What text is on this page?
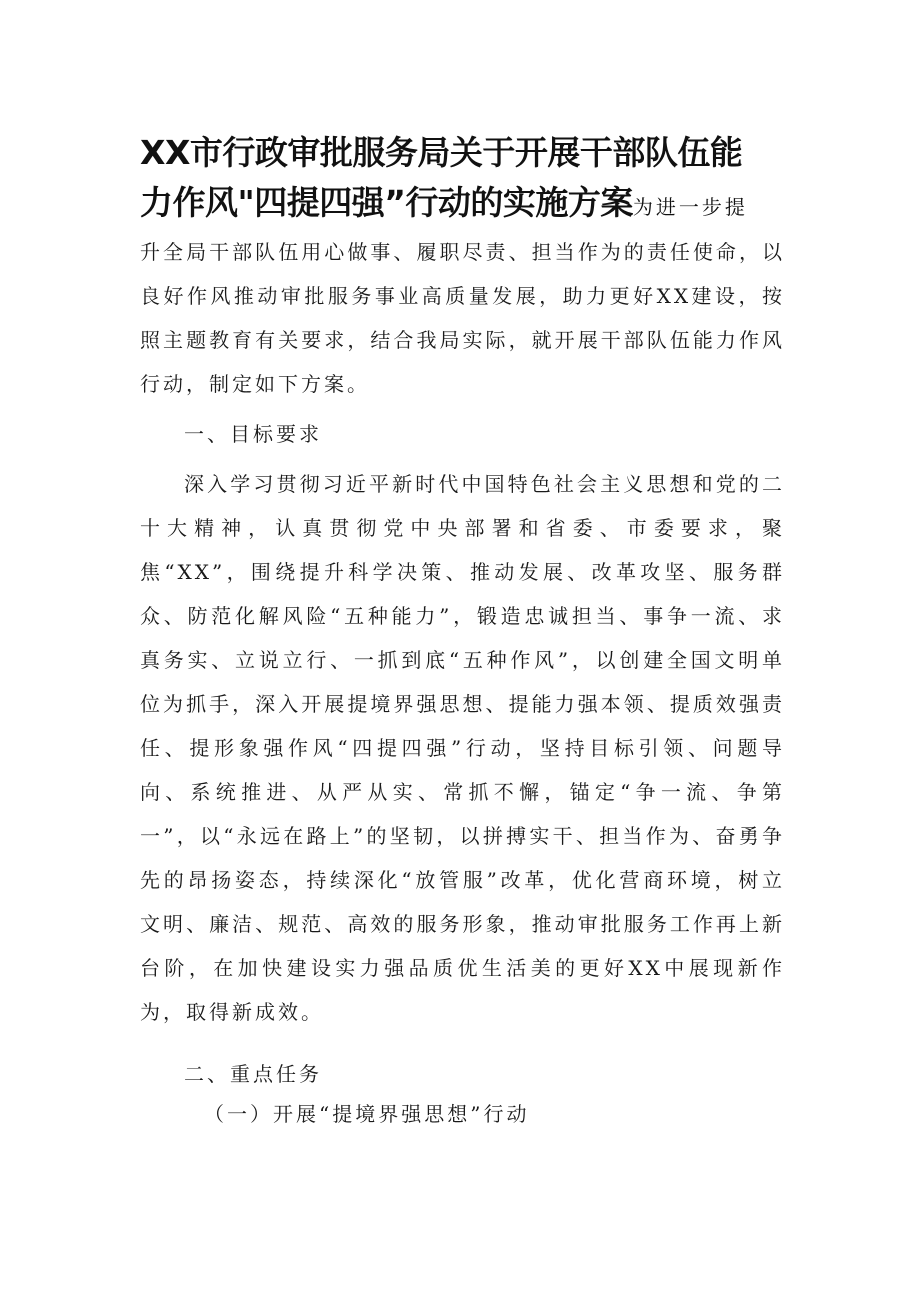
XX市行政审批服务局关于开展干部队伍能
力作风"四提四强”行动的实施方案为进一步提

升全局干部队伍用心做事、履职尽责、担当作为的责任使命，以良好作风推动审批服务事业高质量发展，助力更好XX建设，按照主题教育有关要求，结合我局实际，就开展干部队伍能力作风行动，制定如下方案。

一、目标要求

深入学习贯彻习近平新时代中国特色社会主义思想和党的二十大精神，认真贯彻党中央部署和省委、市委要求，聚焦“XX”，围绕提升科学决策、推动发展、改革攻坚、服务群众、防范化解风险“五种能力”，锻造忠诚担当、事争一流、求真务实、立说立行、一抓到底“五种作风”，以创建全国文明单位为抓手，深入开展提境界强思想、提能力强本领、提质效强责任、提形象强作风“四提四强”行动，坚持目标引领、问题导向、系统推进、从严从实、常抓不懈，锚定“争一流、争第一”，以“永远在路上”的坚韧，以拼搏实干、担当作为、奋勇争先的昂扬姿态，持续深化“放管服”改革，优化营商环境，树立文明、廉洁、规范、高效的服务形象，推动审批服务工作再上新台阶，在加快建设实力强品质优生活美的更好XX中展现新作为，取得新成效。

二、重点任务

（一）开展“提境界强思想”行动
